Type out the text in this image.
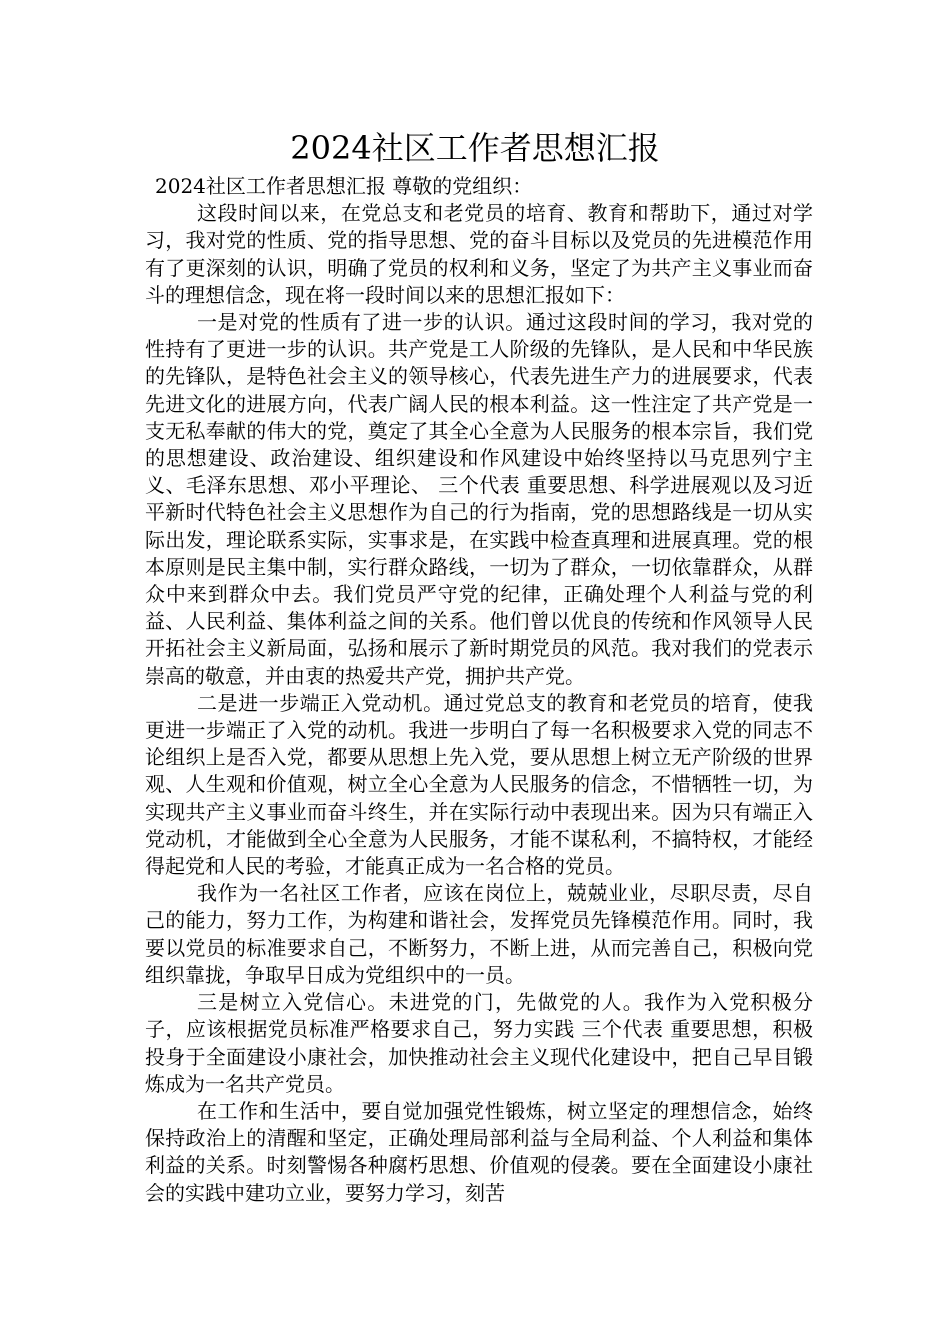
2024社区工作者思想汇报

2024社区工作者思想汇报 尊敬的党组织：

这段时间以来，在党总支和老党员的培育、教育和帮助下，通过对学习，我对党的性质、党的指导思想、党的奋斗目标以及党员的先进模范作用有了更深刻的认识，明确了党员的权利和义务，坚定了为共产主义事业而奋斗的理想信念，现在将一段时间以来的思想汇报如下：

一是对党的性质有了进一步的认识。通过这段时间的学习，我对党的性持有了更进一步的认识。共产党是工人阶级的先锋队，是人民和中华民族的先锋队，是特色社会主义的领导核心，代表先进生产力的进展要求，代表先进文化的进展方向，代表广阔人民的根本利益。这一性注定了共产党是一支无私奉献的伟大的党，奠定了其全心全意为人民服务的根本宗旨，我们党的思想建设、政治建设、组织建设和作风建设中始终坚持以马克思列宁主义、毛泽东思想、邓小平理论、 三个代表 重要思想、科学进展观以及习近平新时代特色社会主义思想作为自己的行为指南，党的思想路线是一切从实际出发，理论联系实际，实事求是，在实践中检查真理和进展真理。党的根本原则是民主集中制，实行群众路线，一切为了群众，一切依靠群众，从群众中来到群众中去。我们党员严守党的纪律，正确处理个人利益与党的利益、人民利益、集体利益之间的关系。他们曾以优良的传统和作风领导人民开拓社会主义新局面，弘扬和展示了新时期党员的风范。我对我们的党表示崇高的敬意，并由衷的热爱共产党，拥护共产党。

二是进一步端正入党动机。通过党总支的教育和老党员的培育，使我更进一步端正了入党的动机。我进一步明白了每一名积极要求入党的同志不论组织上是否入党，都要从思想上先入党，要从思想上树立无产阶级的世界观、人生观和价值观，树立全心全意为人民服务的信念，不惜牺牲一切，为实现共产主义事业而奋斗终生，并在实际行动中表现出来。因为只有端正入党动机，才能做到全心全意为人民服务，才能不谋私利，不搞特权，才能经得起党和人民的考验，才能真正成为一名合格的党员。

我作为一名社区工作者，应该在岗位上，兢兢业业，尽职尽责，尽自己的能力，努力工作，为构建和谐社会，发挥党员先锋模范作用。同时，我要以党员的标准要求自己，不断努力，不断上进，从而完善自己，积极向党组织靠拢，争取早日成为党组织中的一员。

三是树立入党信心。未进党的门，先做党的人。我作为入党积极分子，应该根据党员标准严格要求自己，努力实践 三个代表 重要思想，积极投身于全面建设小康社会，加快推动社会主义现代化建设中，把自己早目锻炼成为一名共产党员。

在工作和生活中，要自觉加强党性锻炼，树立坚定的理想信念，始终保持政治上的清醒和坚定，正确处理局部利益与全局利益、个人利益和集体利益的关系。时刻警惕各种腐朽思想、价值观的侵袭。要在全面建设小康社会的实践中建功立业，要努力学习，刻苦
